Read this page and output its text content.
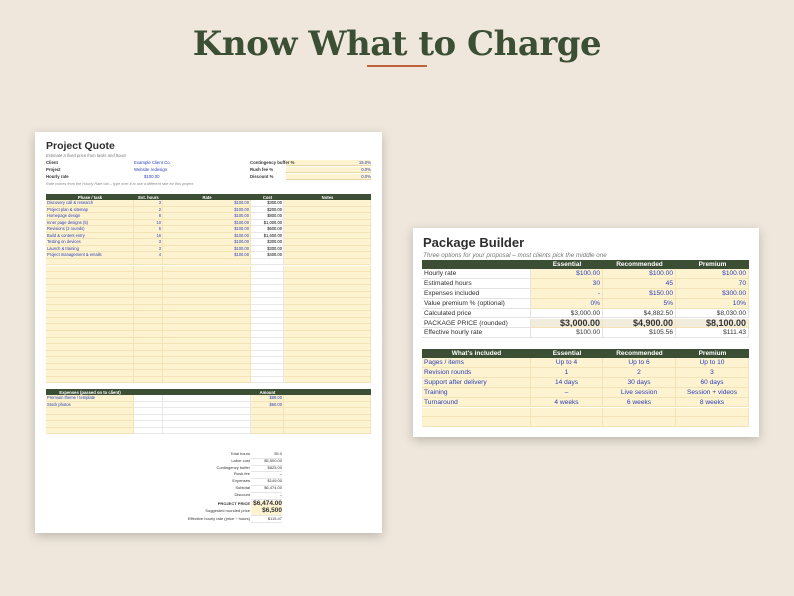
Know What to Charge
Project Quote
Estimate a fixed price from tasks and hours
Client	Example Client Co.
Project	Website redesign
Hourly rate	$100.00
Contingency buffer %	15.0%
Rush fee %	0.0%
Discount %	0.0%
Rate comes from the Hourly Rate tab – type over it to use a different rate for this project
Phase / task	Est. hours	Rate	Cost	Notes
Discovery call & research	3	$100.00	$300.00
Project plan & sitemap	2	$100.00	$200.00
Homepage design	8	$100.00	$800.00
Inner page designs (5)	10	$100.00	$1,000.00
Revisions (2 rounds)	6	$100.00	$600.00
Build & content entry	16	$100.00	$1,600.00
Testing on devices	3	$100.00	$300.00
Launch & training	3	$100.00	$300.00
Project management & emails	4	$100.00	$400.00
Expenses (passed on to client)	Amount
Premium theme / template	$89.00
Stock photos	$60.00
Total hours	55.0
Labor cost	$5,500.00
Contingency buffer	$825.00
Rush fee	–
Expenses	$149.00
Subtotal	$6,474.00
Discount	–
PROJECT PRICE $6,474.00
Suggested rounded price	$6,500
Effective hourly rate (price ÷ hours)	$115.47
Package Builder
Three options for your proposal – most clients pick the middle one
Essential	Recommended	Premium
Hourly rate	$100.00	$100.00	$100.00
Estimated hours	30	45	70
Expenses included	-	$150.00	$300.00
Value premium % (optional)	0%	5%	10%
Calculated price	$3,000.00	$4,882.50	$8,030.00
PACKAGE PRICE (rounded)	$3,000.00	$4,900.00	$8,100.00
Effective hourly rate	$100.00	$105.56	$111.43
What's included	Essential	Recommended	Premium
Pages / items	Up to 4	Up to 6	Up to 10
Revision rounds	1	2	3
Support after delivery	14 days	30 days	60 days
Training	–	Live session	Session + videos
Turnaround	4 weeks	6 weeks	8 weeks
